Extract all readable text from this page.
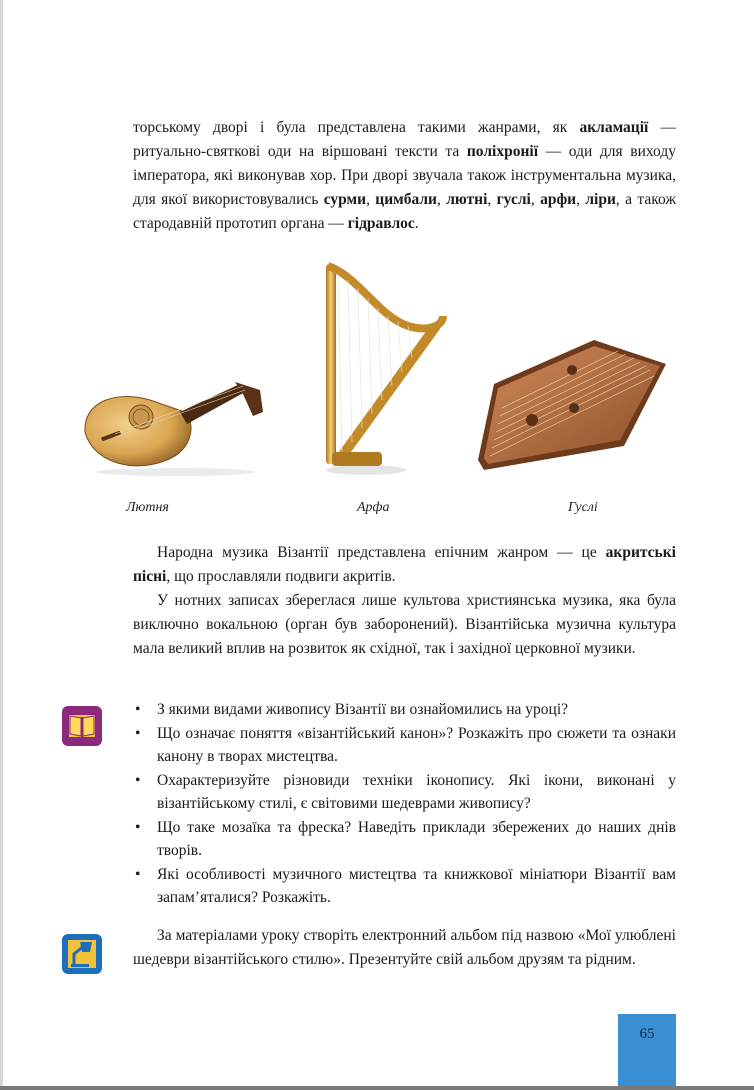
торському дворі і була представлена такими жанрами, як акламації — ритуально-святкові оди на віршовані тексти та поліхронії — оди для виходу імператора, які виконував хор. При дворі звучала також інструментальна музика, для якої використовувались сурми, цимбали, лютні, гуслі, арфи, ліри, а також стародавній прототип органа — гідравлос.

Лютня	Арфа	Гуслі

Народна музика Візантії представлена епічним жанром — це акритські пісні, що прославляли подвиги акритів.

У нотних записах збереглася лише культова християнська музика, яка була виключно вокальною (орган був заборонений). Візантійська музична культура мала великий вплив на розвиток як східної, так і західної церковної музики.

• З якими видами живопису Візантії ви ознайомились на уроці?
• Що означає поняття «візантійський канон»? Розкажіть про сюжети та ознаки канону в творах мистецтва.
• Охарактеризуйте різновиди техніки іконопису. Які ікони, виконані у візантійському стилі, є світовими шедеврами живопису?
• Що таке мозаїка та фреска? Наведіть приклади збережених до наших днів творів.
• Які особливості музичного мистецтва та книжкової мініатюри Візантії вам запам’яталися? Розкажіть.
За матеріалами уроку створіть електронний альбом під назвою «Мої улюблені шедеври візантійського стилю». Презентуйте свій альбом друзям та рідним.
65
